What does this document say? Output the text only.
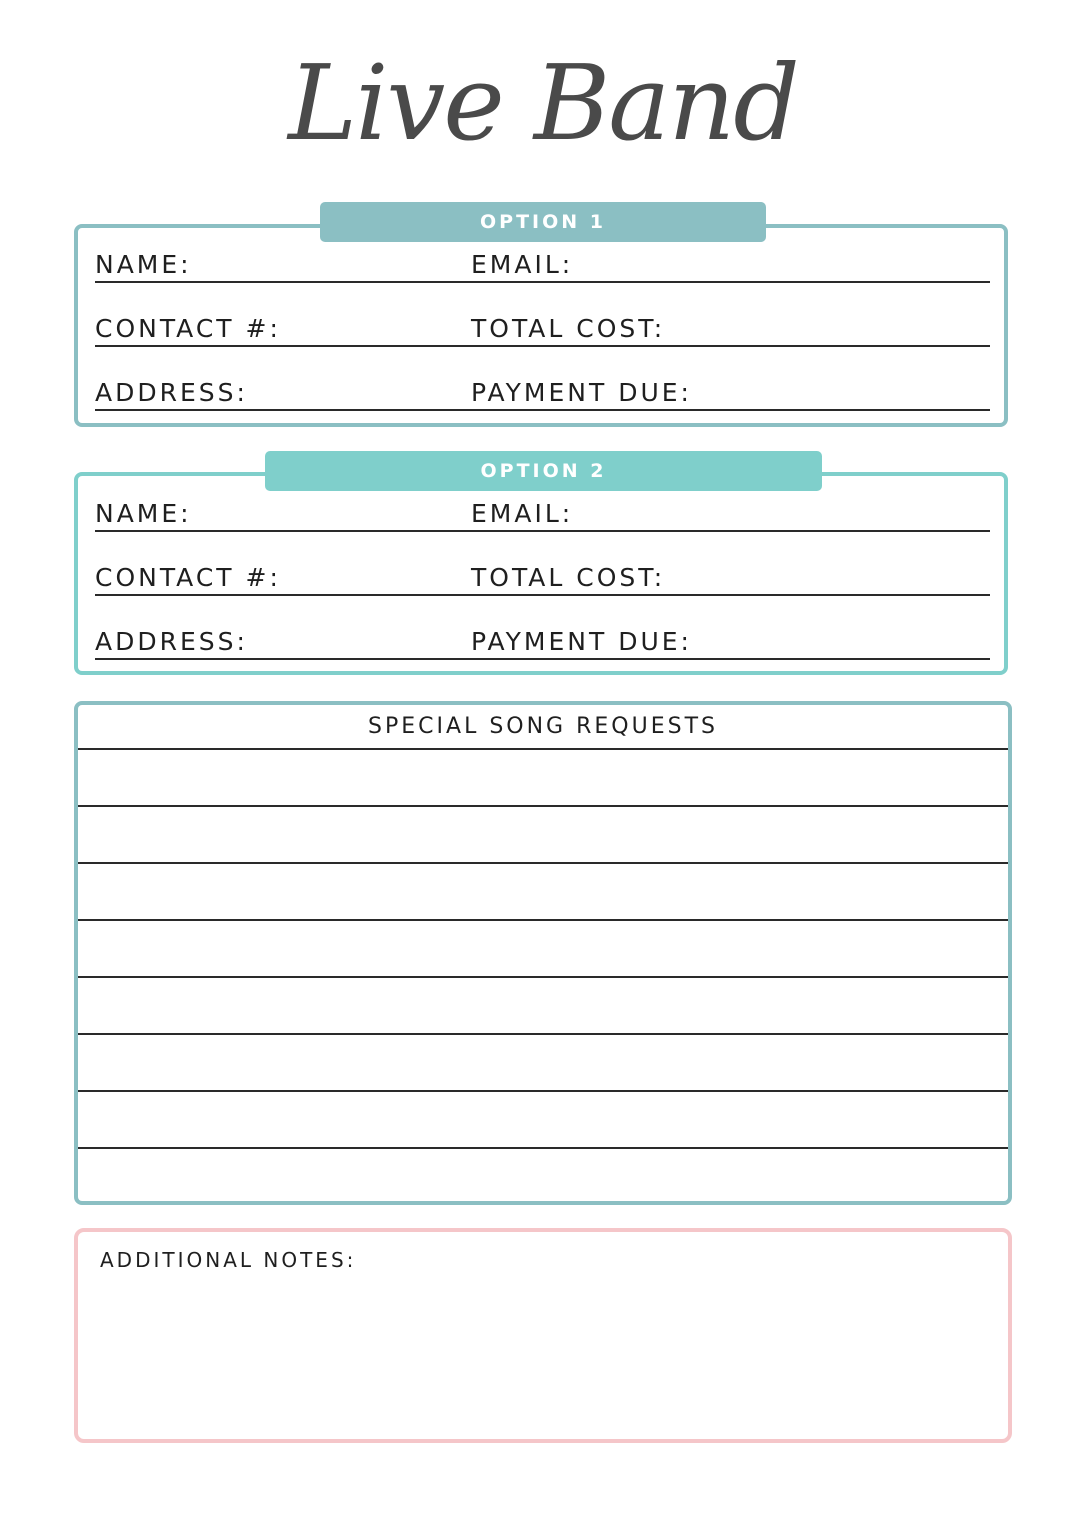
Live Band
OPTION 1
NAME:	EMAIL:
CONTACT #:	TOTAL COST:
ADDRESS:	PAYMENT DUE:
OPTION 2
NAME:	EMAIL:
CONTACT #:	TOTAL COST:
ADDRESS:	PAYMENT DUE:
SPECIAL SONG REQUESTS
ADDITIONAL NOTES:
